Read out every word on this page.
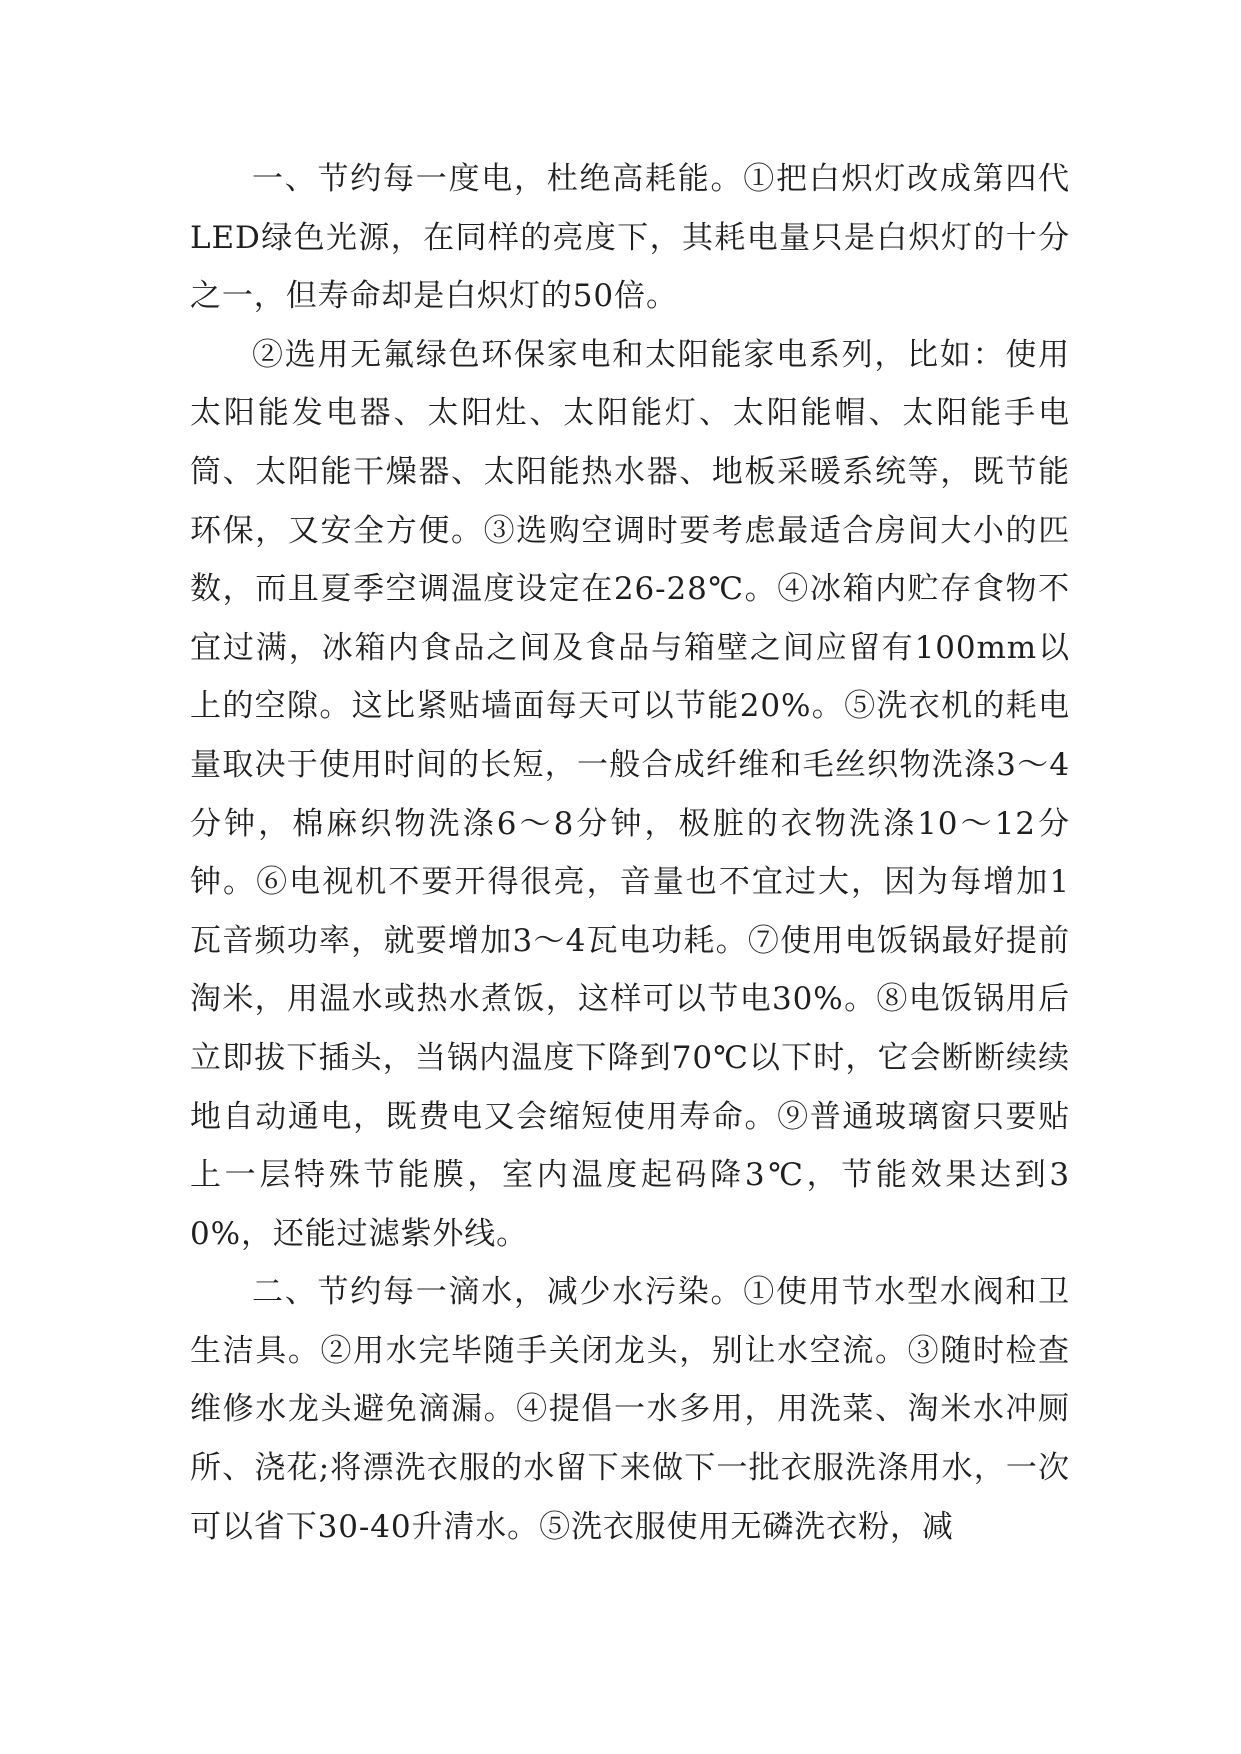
一、节约每一度电，杜绝高耗能。①把白炽灯改成第四代LED绿色光源，在同样的亮度下，其耗电量只是白炽灯的十分之一，但寿命却是白炽灯的50倍。

②选用无氟绿色环保家电和太阳能家电系列，比如：使用太阳能发电器、太阳灶、太阳能灯、太阳能帽、太阳能手电筒、太阳能干燥器、太阳能热水器、地板采暖系统等，既节能环保，又安全方便。③选购空调时要考虑最适合房间大小的匹数，而且夏季空调温度设定在26-28℃。④冰箱内贮存食物不宜过满，冰箱内食品之间及食品与箱壁之间应留有100mm以上的空隙。这比紧贴墙面每天可以节能20%。⑤洗衣机的耗电量取决于使用时间的长短，一般合成纤维和毛丝织物洗涤3～4分钟，棉麻织物洗涤6～8分钟，极脏的衣物洗涤10～12分钟。⑥电视机不要开得很亮，音量也不宜过大，因为每增加1瓦音频功率，就要增加3～4瓦电功耗。⑦使用电饭锅最好提前淘米，用温水或热水煮饭，这样可以节电30%。⑧电饭锅用后立即拔下插头，当锅内温度下降到70℃以下时，它会断断续续地自动通电，既费电又会缩短使用寿命。⑨普通玻璃窗只要贴上一层特殊节能膜，室内温度起码降3℃，节能效果达到30%，还能过滤紫外线。

二、节约每一滴水，减少水污染。①使用节水型水阀和卫生洁具。②用水完毕随手关闭龙头，别让水空流。③随时检查维修水龙头避免滴漏。④提倡一水多用，用洗菜、淘米水冲厕所、浇花;将漂洗衣服的水留下来做下一批衣服洗涤用水，一次可以省下30-40升清水。⑤洗衣服使用无磷洗衣粉，减
